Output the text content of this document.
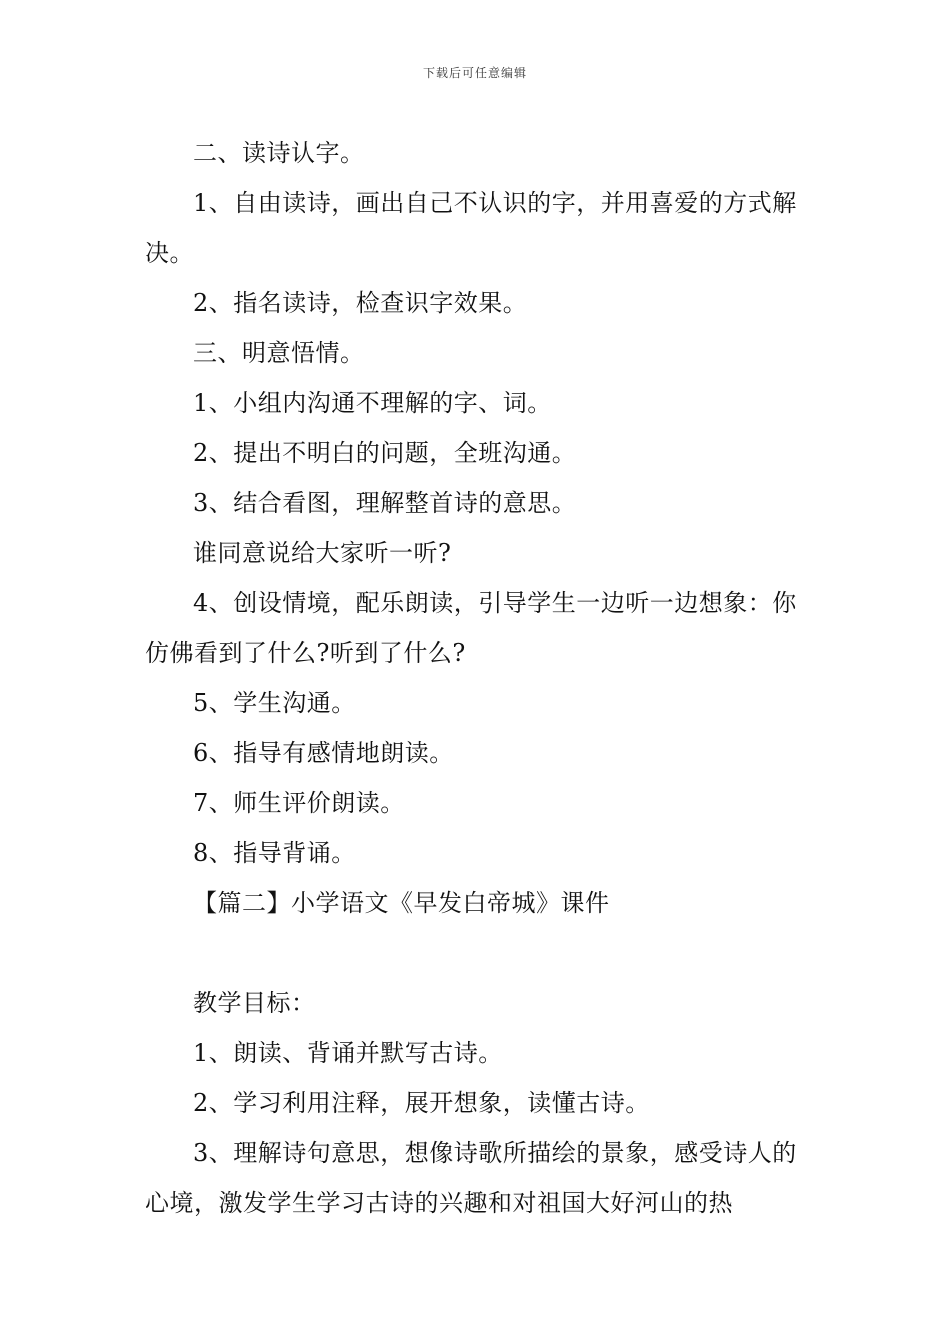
下载后可任意编辑

二、读诗认字。

1、自由读诗，画出自己不认识的字，并用喜爱的方式解决。

2、指名读诗，检查识字效果。

三、明意悟情。

1、小组内沟通不理解的字、词。

2、提出不明白的问题，全班沟通。

3、结合看图，理解整首诗的意思。

谁同意说给大家听一听?

4、创设情境，配乐朗读，引导学生一边听一边想象：你仿佛看到了什么?听到了什么?

5、学生沟通。

6、指导有感情地朗读。

7、师生评价朗读。

8、指导背诵。

【篇二】小学语文《早发白帝城》课件

教学目标：

1、朗读、背诵并默写古诗。

2、学习利用注释，展开想象，读懂古诗。

3、理解诗句意思，想像诗歌所描绘的景象，感受诗人的心境，激发学生学习古诗的兴趣和对祖国大好河山的热
